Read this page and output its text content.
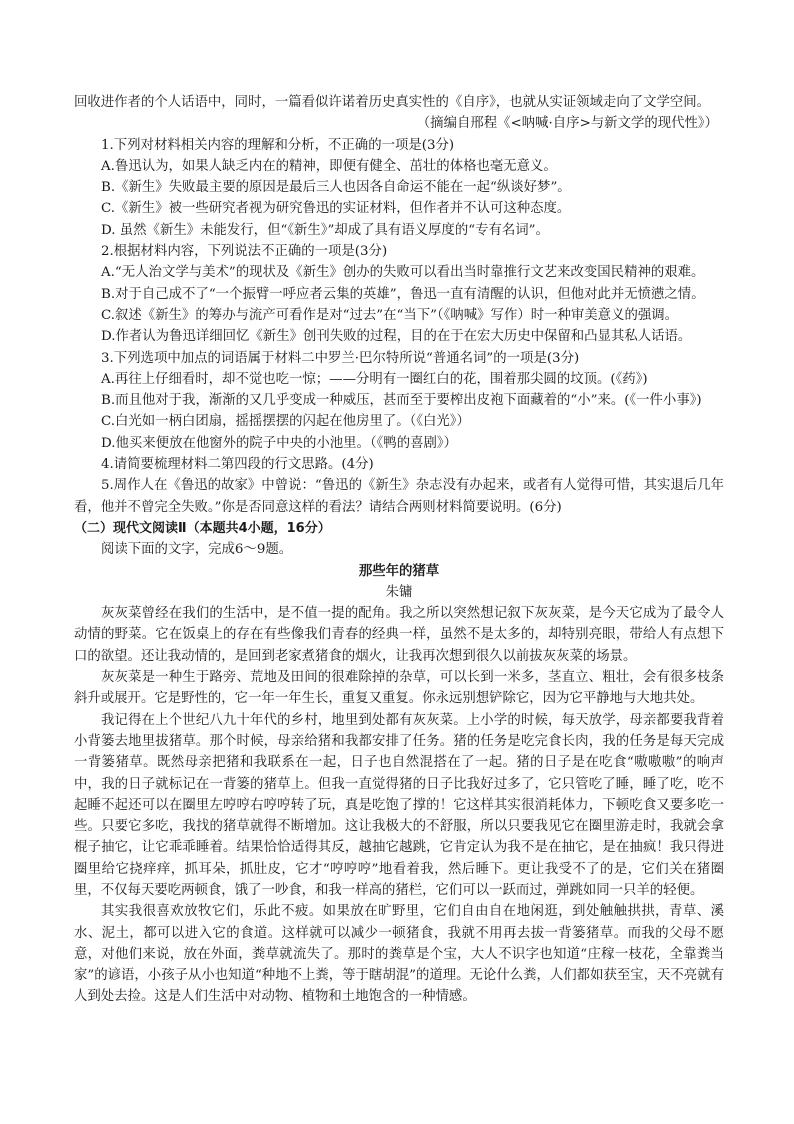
回收进作者的个人话语中，同时，一篇看似许诺着历史真实性的《自序》，也就从实证领域走向了文学空间。

（摘编自邢程《<呐喊·自序>与新文学的现代性》）

1.下列对材料相关内容的理解和分析，不正确的一项是(3分)

A.鲁迅认为，如果人缺乏内在的精神，即便有健全、茁壮的体格也毫无意义。

B.《新生》失败最主要的原因是最后三人也因各自命运不能在一起“纵谈好梦”。

C.《新生》被一些研究者视为研究鲁迅的实证材料，但作者并不认可这种态度。

D. 虽然《新生》未能发行，但“《新生》”却成了具有语义厚度的“专有名词”。

2.根据材料内容，下列说法不正确的一项是(3分)

A.“无人治文学与美术”的现状及《新生》创办的失败可以看出当时靠推行文艺来改变国民精神的艰难。

B.对于自己成不了“一个振臂一呼应者云集的英雄”，鲁迅一直有清醒的认识，但他对此并无愤懑之情。

C.叙述《新生》的筹办与流产可看作是对“过去”在“当下”（《呐喊》写作）时一种审美意义的强调。

D.作者认为鲁迅详细回忆《新生》创刊失败的过程，目的在于在宏大历史中保留和凸显其私人话语。

3.下列选项中加点的词语属于材料二中罗兰·巴尔特所说“普通名词”的一项是(3分)

A.再往上仔细看时，却不觉也吃一惊；——分明有一圈红白的花，围着那尖圆的坟顶。(《药》)

B.而且他对于我，渐渐的又几乎变成一种威压，甚而至于要榨出皮袍下面藏着的“小”来。(《一件小事》)

C.白光如一柄白团扇，摇摇摆摆的闪起在他房里了。（《白光》）

D.他买来便放在他窗外的院子中央的小池里。（《鸭的喜剧》）

4.请简要梳理材料二第四段的行文思路。(4分)

5.周作人在《鲁迅的故家》中曾说：“鲁迅的《新生》杂志没有办起来，或者有人觉得可惜，其实退后几年看，他并不曾完全失败。”你是否同意这样的看法？请结合两则材料简要说明。(6分)

（二）现代文阅读Ⅱ（本题共4小题，16分）

阅读下面的文字，完成6～9题。

那些年的猪草

朱镛

灰灰菜曾经在我们的生活中，是不值一提的配角。我之所以突然想记叙下灰灰菜，是今天它成为了最令人动情的野菜。它在饭桌上的存在有些像我们青春的经典一样，虽然不是太多的，却特别亮眼，带给人有点想下口的欲望。还让我动情的，是回到老家煮猪食的烟火，让我再次想到很久以前拔灰灰菜的场景。

灰灰菜是一种生于路旁、荒地及田间的很难除掉的杂草，可以长到一米多，茎直立、粗壮，会有很多枝条斜升或展开。它是野性的，它一年一年生长，重复又重复。你永远别想铲除它，因为它平静地与大地共处。

我记得在上个世纪八九十年代的乡村，地里到处都有灰灰菜。上小学的时候，每天放学，母亲都要我背着小背篓去地里拔猪草。那个时候，母亲给猪和我都安排了任务。猪的任务是吃完食长肉，我的任务是每天完成一背篓猪草。既然母亲把猪和我联系在一起，日子也自然混搭在了一起。猪的日子是在吃食“嗷嗷嗷”的响声中，我的日子就标记在一背篓的猪草上。但我一直觉得猪的日子比我好过多了，它只管吃了睡，睡了吃，吃不起睡不起还可以在圈里左哼哼右哼哼转了玩，真是吃饱了撑的！它这样其实很消耗体力，下顿吃食又要多吃一些。只要它多吃，我找的猪草就得不断增加。这让我极大的不舒服，所以只要我见它在圈里游走时，我就会拿棍子抽它，让它乖乖睡着。结果恰恰适得其反，越抽它越跳，它肯定认为我不是在抽它，是在抽疯！我只得进圈里给它挠痒痒，抓耳朵，抓肚皮，它才“哼哼哼”地看着我，然后睡下。更让我受不了的是，它们关在猪圈里，不仅每天要吃两顿食，饿了一吵食，和我一样高的猪栏，它们可以一跃而过，弹跳如同一只羊的轻便。

其实我很喜欢放牧它们，乐此不疲。如果放在旷野里，它们自由自在地闲逛，到处触触拱拱，青草、溪水、泥土，都可以进入它的食道。这样就可以减少一顿猪食，我就不用再去拔一背篓猪草。而我的父母不愿意，对他们来说，放在外面，粪草就流失了。那时的粪草是个宝，大人不识字也知道“庄稼一枝花，全靠粪当家”的谚语，小孩子从小也知道“种地不上粪，等于瞎胡混”的道理。无论什么粪，人们都如获至宝，天不亮就有人到处去捡。这是人们生活中对动物、植物和土地饱含的一种情感。
